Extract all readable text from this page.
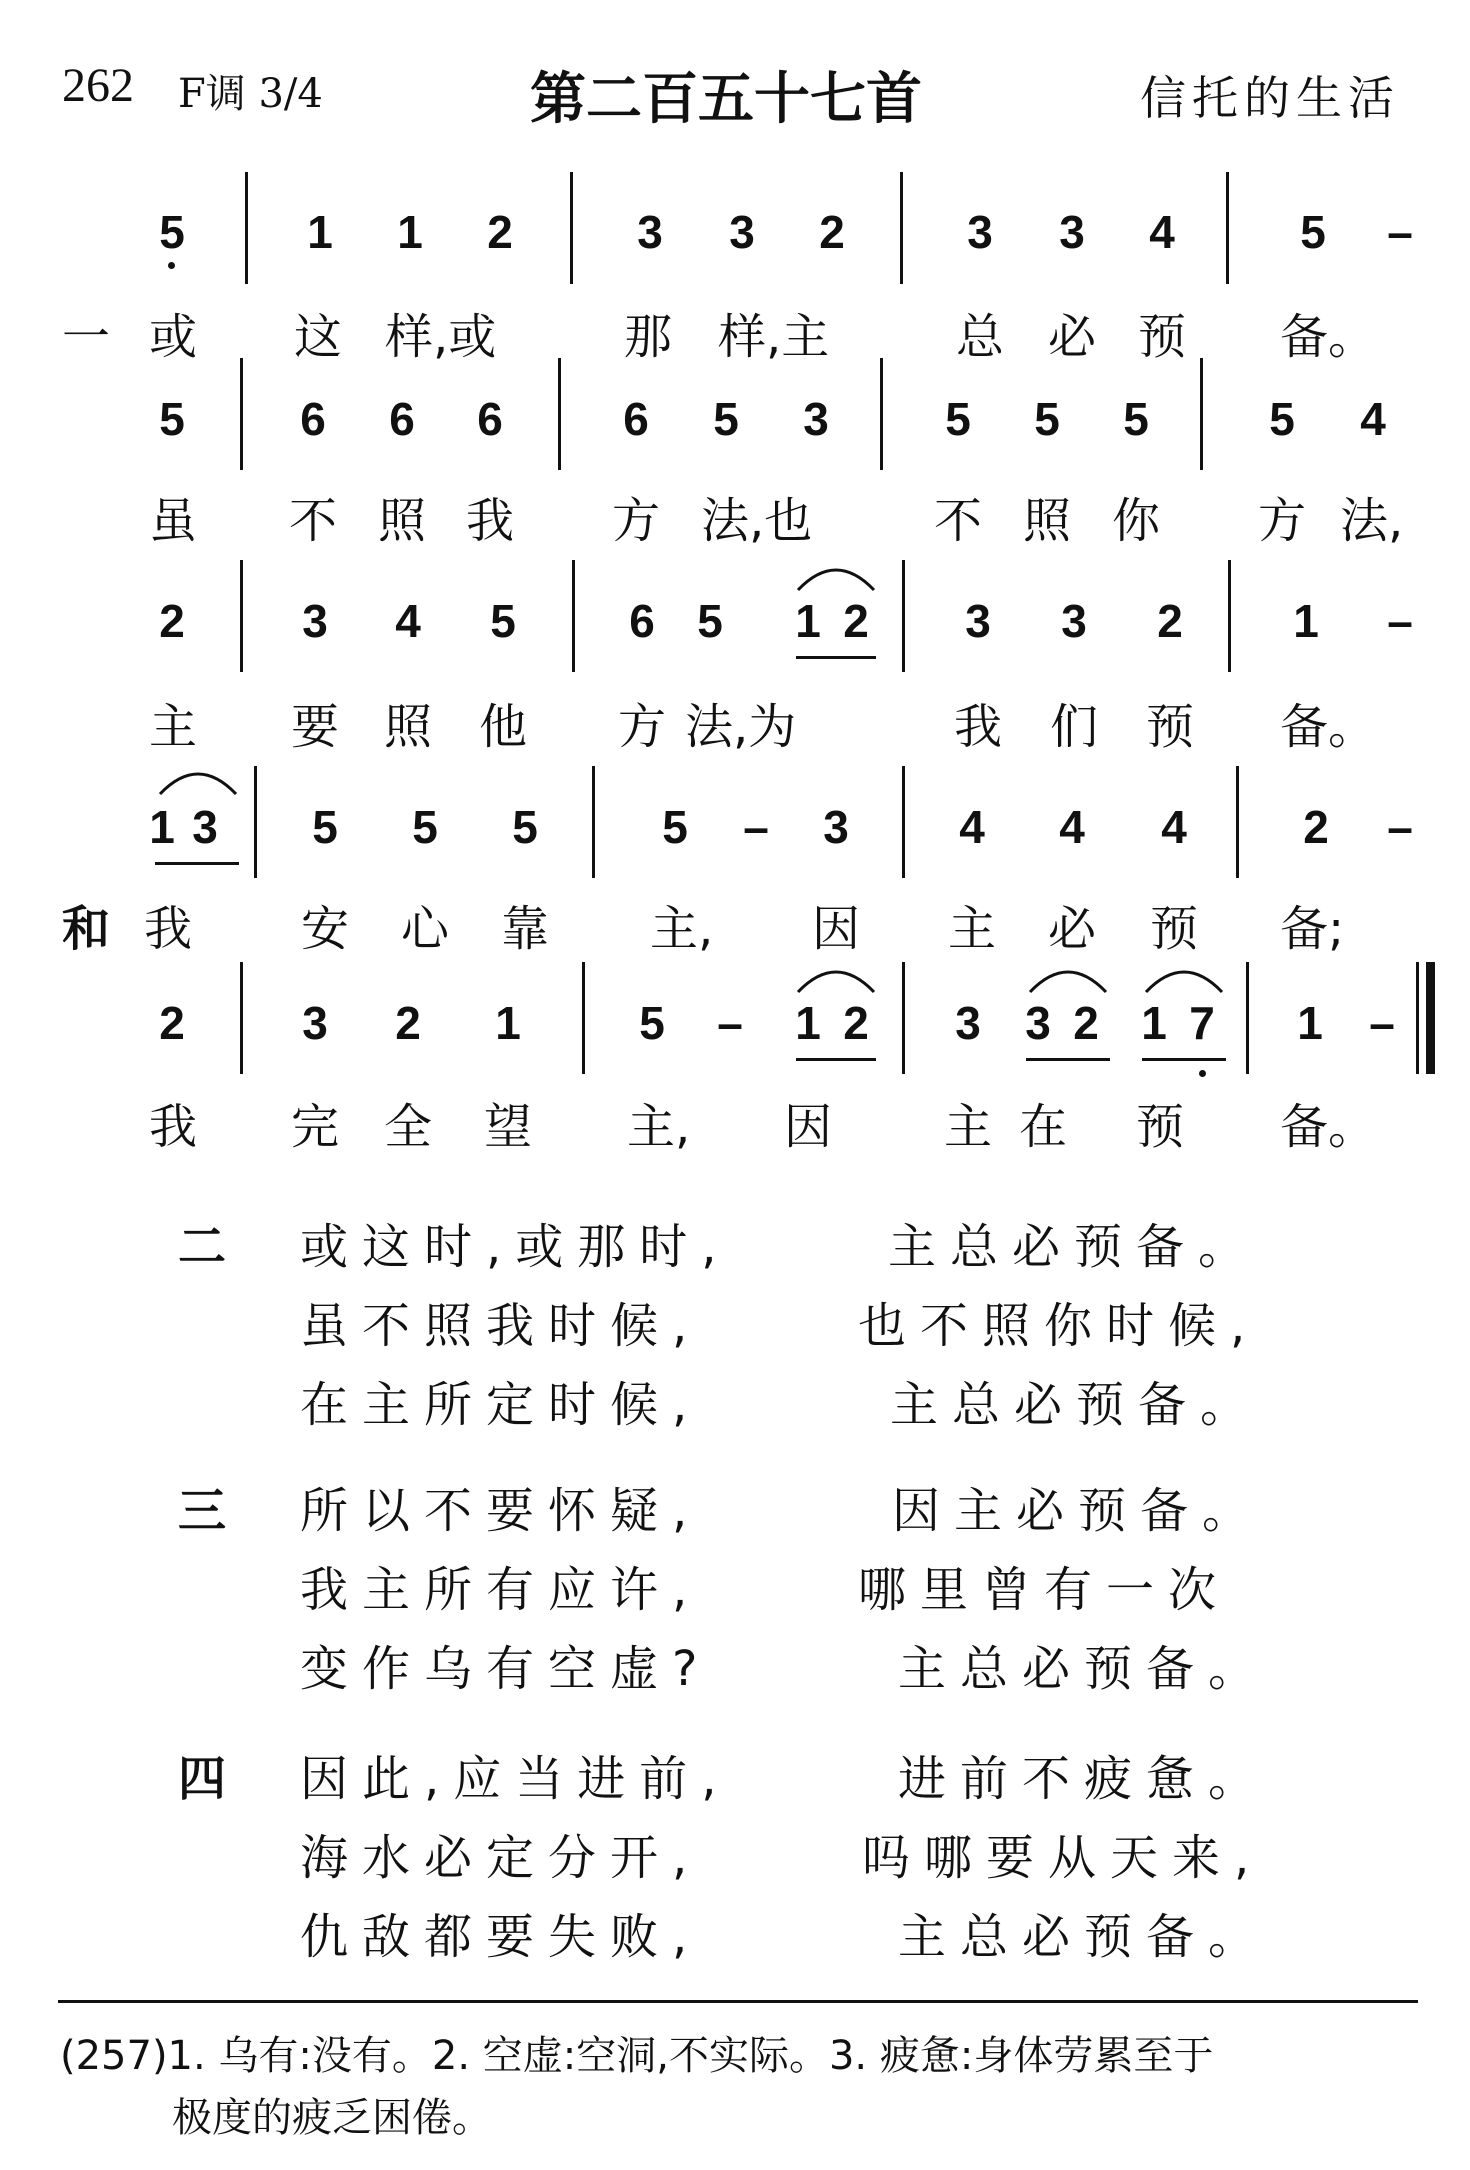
262 F调 3/4	第二百五十七首	信托的生活
5	1	1	2	3	3	2	3	3	4	5	–
一 或 这 样,或	那 样,主	总 必 预 备。
5	6	6	6	6	5	3	5	5	5	5	4
虽 不 照 我 方 法,也	不 照 你 方 法,
2	3	4	5	6 5	1 2	3	3	2	1	–
主 要 照 他 方 法,为	我 们 预 备。
1 3	5	5	5	5	–	3	4	4	4	2	–
和 我 安 心 靠 主,	因 主 必 预 备;
2	3	2	1	5	–	1 2	3 3 2 1 7	1	–
我 完 全 望 主,	因 主 在 预 备。
二 或这时,或那时,	主总必预备。
虽不照我时候,	也不照你时候,
在主所定时候,	主总必预备。
三 所以不要怀疑,	因主必预备。
我主所有应许,	哪里曾有一次
变作乌有空虚?	主总必预备。
四 因此,应当进前,	进前不疲惫。
海水必定分开,	吗哪要从天来,
仇敌都要失败,	主总必预备。
(257)1. 乌有:没有。2. 空虚:空洞,不实际。3. 疲惫:身体劳累至于
极度的疲乏困倦。
